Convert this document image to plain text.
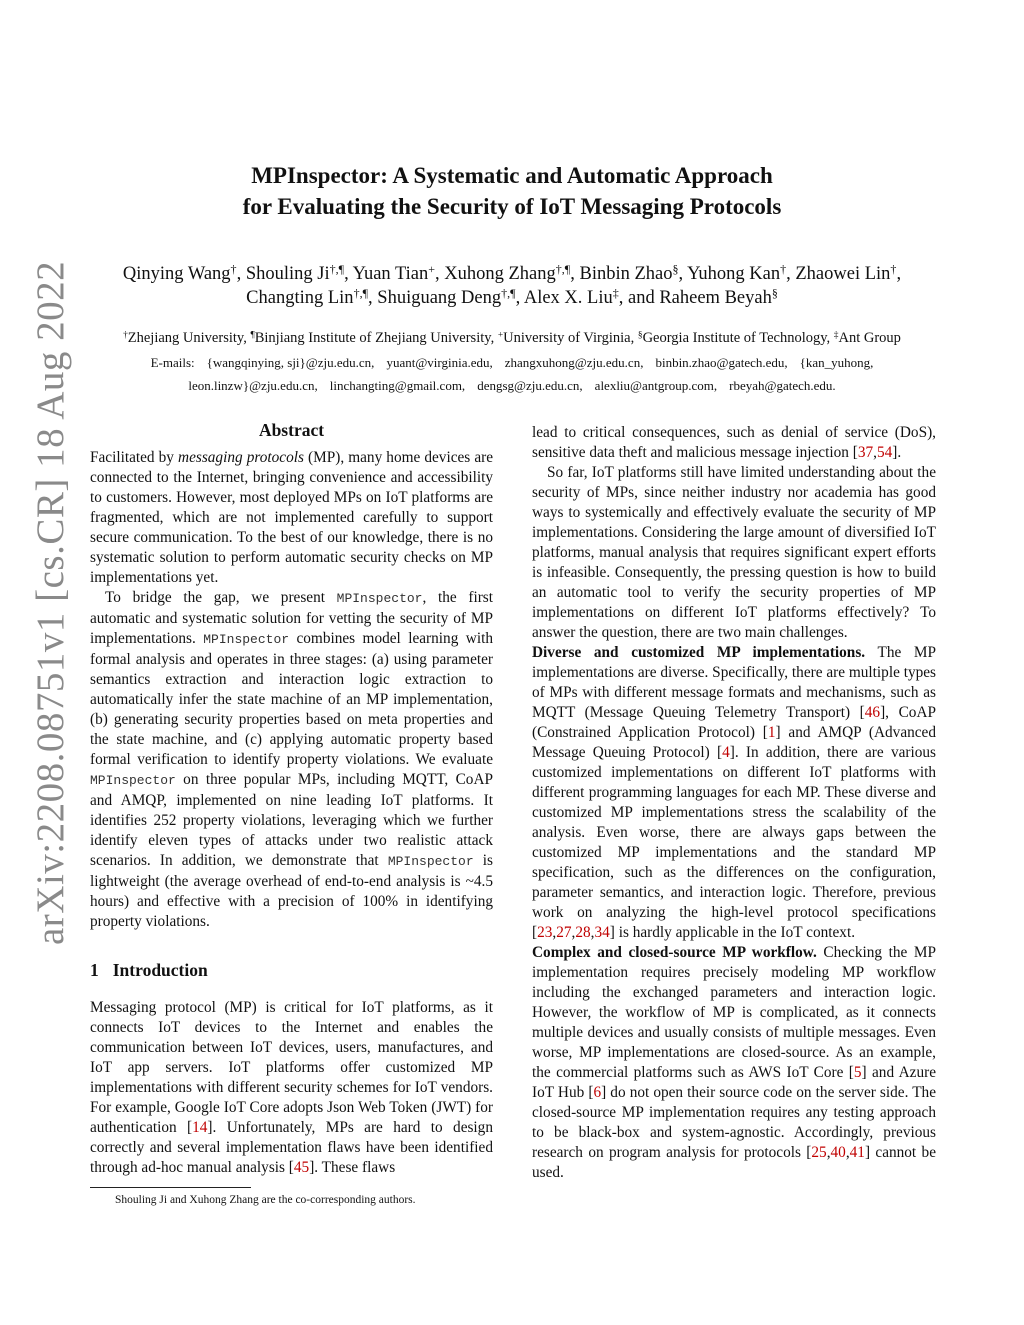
arXiv:2208.08751v1 [cs.CR] 18 Aug 2022
MPInspector: A Systematic and Automatic Approach
for Evaluating the Security of IoT Messaging Protocols
Qinying Wang†, Shouling Ji†,¶, Yuan Tian+, Xuhong Zhang†,¶, Binbin Zhao§, Yuhong Kan†, Zhaowei Lin†, Changting Lin†,¶, Shuiguang Deng†,¶, Alex X. Liu‡, and Raheem Beyah§
†Zhejiang University, ¶Binjiang Institute of Zhejiang University, +University of Virginia, §Georgia Institute of Technology, ‡Ant Group
E-mails: {wangqinying, sji}@zju.edu.cn, yuant@virginia.edu, zhangxuhong@zju.edu.cn, binbin.zhao@gatech.edu, {kan_yuhong,
leon.linzw}@zju.edu.cn, linchangting@gmail.com, dengsg@zju.edu.cn, alexliu@antgroup.com, rbeyah@gatech.edu.
Abstract

Facilitated by messaging protocols (MP), many home devices are connected to the Internet, bringing convenience and accessibility to customers. However, most deployed MPs on IoT platforms are fragmented, which are not implemented carefully to support secure communication. To the best of our knowledge, there is no systematic solution to perform automatic security checks on MP implementations yet.

To bridge the gap, we present MPInspector, the first automatic and systematic solution for vetting the security of MP implementations. MPInspector combines model learning with formal analysis and operates in three stages: (a) using parameter semantics extraction and interaction logic extraction to automatically infer the state machine of an MP implementation, (b) generating security properties based on meta properties and the state machine, and (c) applying automatic property based formal verification to identify property violations. We evaluate MPInspector on three popular MPs, including MQTT, CoAP and AMQP, implemented on nine leading IoT platforms. It identifies 252 property violations, leveraging which we further identify eleven types of attacks under two realistic attack scenarios. In addition, we demonstrate that MPInspector is lightweight (the average overhead of end-to-end analysis is ~4.5 hours) and effective with a precision of 100% in identifying property violations.

1 Introduction

Messaging protocol (MP) is critical for IoT platforms, as it connects IoT devices to the Internet and enables the communication between IoT devices, users, manufactures, and IoT app servers. IoT platforms offer customized MP implementations with different security schemes for IoT vendors. For example, Google IoT Core adopts Json Web Token (JWT) for authentication [14]. Unfortunately, MPs are hard to design correctly and several implementation flaws have been identified through ad-hoc manual analysis [45]. These flaws

lead to critical consequences, such as denial of service (DoS), sensitive data theft and malicious message injection [37,54].

So far, IoT platforms still have limited understanding about the security of MPs, since neither industry nor academia has good ways to systemically and effectively evaluate the security of MP implementations. Considering the large amount of diversified IoT platforms, manual analysis that requires significant expert efforts is infeasible. Consequently, the pressing question is how to build an automatic tool to verify the security properties of MP implementations on different IoT platforms effectively? To answer the question, there are two main challenges.

Diverse and customized MP implementations. The MP implementations are diverse. Specifically, there are multiple types of MPs with different message formats and mechanisms, such as MQTT (Message Queuing Telemetry Transport) [46], CoAP (Constrained Application Protocol) [1] and AMQP (Advanced Message Queuing Protocol) [4]. In addition, there are various customized implementations on different IoT platforms with different programming languages for each MP. These diverse and customized MP implementations stress the scalability of the analysis. Even worse, there are always gaps between the customized MP implementations and the standard MP specification, such as the differences on the configuration, parameter semantics, and interaction logic. Therefore, previous work on analyzing the high-level protocol specifications [23,27,28,34] is hardly applicable in the IoT context.

Complex and closed-source MP workflow. Checking the MP implementation requires precisely modeling MP workflow including the exchanged parameters and interaction logic. However, the workflow of MP is complicated, as it connects multiple devices and usually consists of multiple messages. Even worse, MP implementations are closed-source. As an example, the commercial platforms such as AWS IoT Core [5] and Azure IoT Hub [6] do not open their source code on the server side. The closed-source MP implementation requires any testing approach to be black-box and system-agnostic. Accordingly, previous research on program analysis for protocols [25,40,41] cannot be used.

Shouling Ji and Xuhong Zhang are the co-corresponding authors.
